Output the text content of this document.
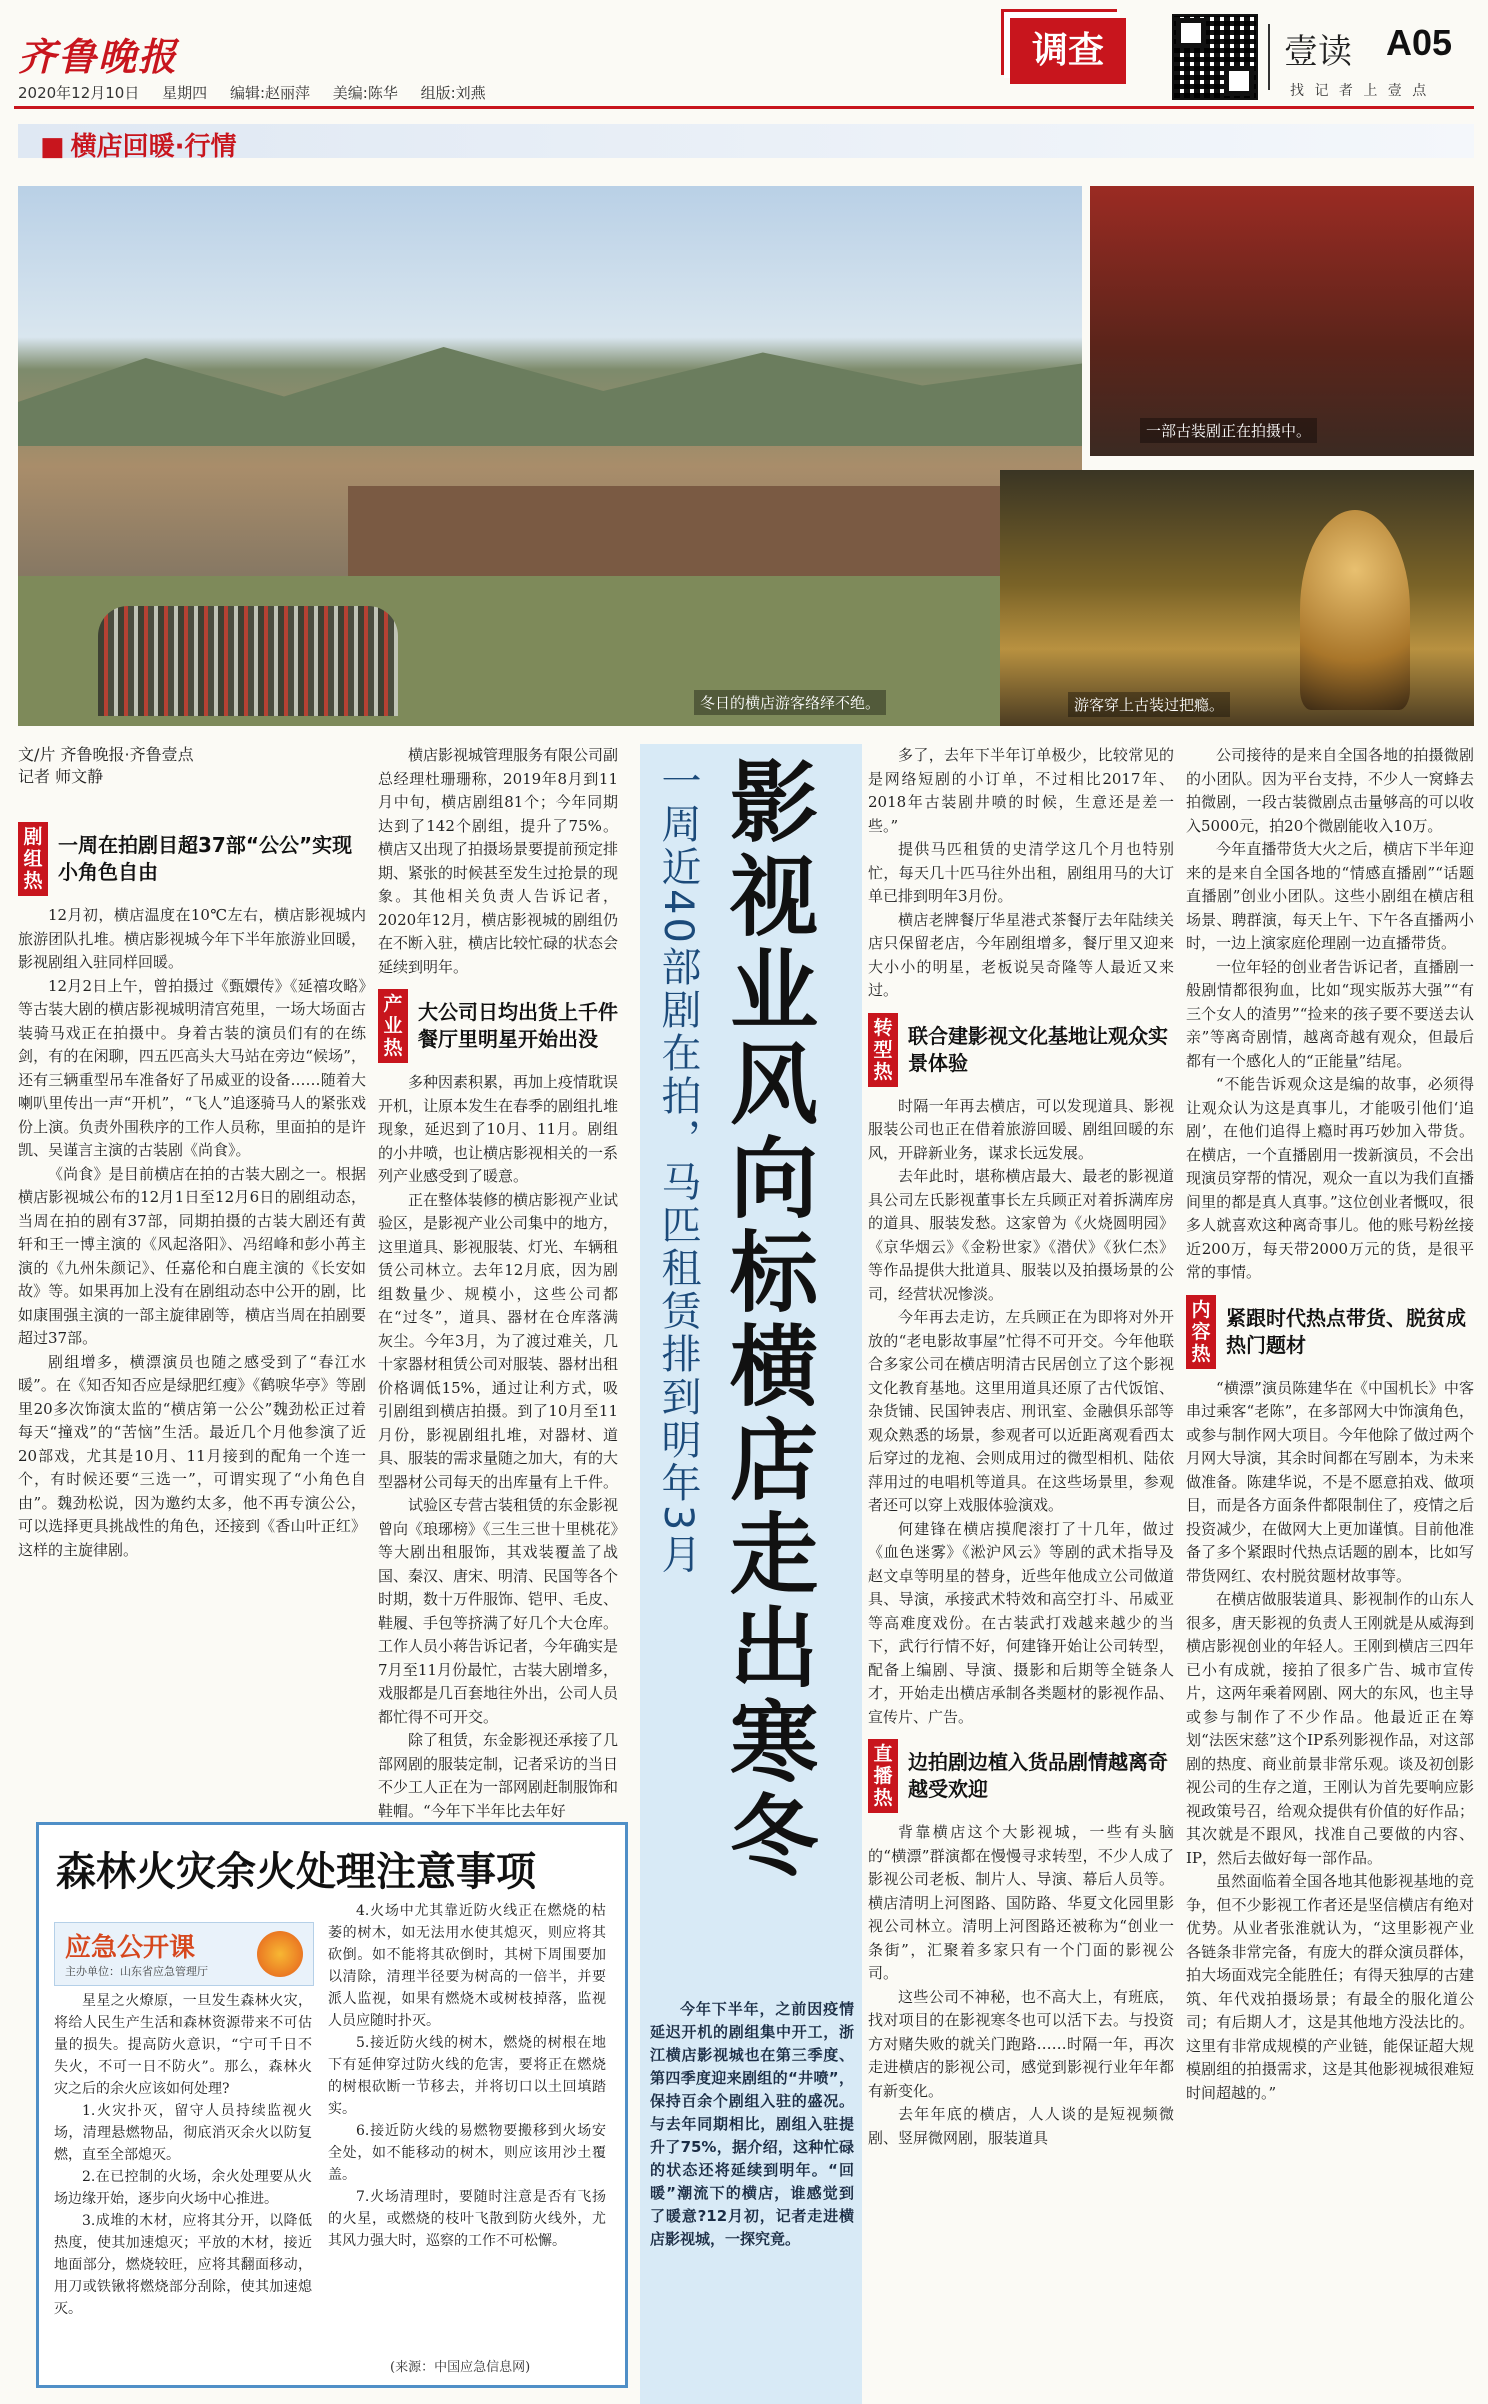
齐鲁晚报
2020年12月10日 星期四 编辑:赵丽萍 美编:陈华 组版:刘燕
调查	壹读 A05
找 记 者 上 壹 点
■ 横店回暖·行情
冬日的横店游客络绎不绝。
一部古装剧正在拍摄中。
游客穿上古装过把瘾。
文/片 齐鲁晚报·齐鲁壹点
记者 师文静
剧组热
一周在拍剧目超37部“公公”实现小角色自由

12月初，横店温度在10℃左右，横店影视城内旅游团队扎堆。横店影视城今年下半年旅游业回暖，影视剧组入驻同样回暖。

12月2日上午，曾拍摄过《甄嬛传》《延禧攻略》等古装大剧的横店影视城明清宫苑里，一场大场面古装骑马戏正在拍摄中。身着古装的演员们有的在练剑，有的在闲聊，四五匹高头大马站在旁边“候场”，还有三辆重型吊车准备好了吊威亚的设备……随着大喇叭里传出一声“开机”，“飞人”追逐骑马人的紧张戏份上演。负责外围秩序的工作人员称，里面拍的是许凯、吴谨言主演的古装剧《尚食》。

《尚食》是目前横店在拍的古装大剧之一。根据横店影视城公布的12月1日至12月6日的剧组动态，当周在拍的剧有37部，同期拍摄的古装大剧还有黄轩和王一博主演的《风起洛阳》、冯绍峰和彭小苒主演的《九州朱颜记》、任嘉伦和白鹿主演的《长安如故》等。如果再加上没有在剧组动态中公开的剧，比如康围强主演的一部主旋律剧等，横店当周在拍剧要超过37部。

剧组增多，横漂演员也随之感受到了“春江水暖”。在《知否知否应是绿肥红瘦》《鹤唳华亭》等剧里20多次饰演太监的“横店第一公公”魏劲松正过着每天“撞戏”的“苦恼”生活。最近几个月他参演了近20部戏，尤其是10月、11月接到的配角一个连一个，有时候还要“三选一”，可谓实现了“小角色自由”。魏劲松说，因为邀约太多，他不再专演公公，可以选择更具挑战性的角色，还接到《香山叶正红》这样的主旋律剧。

横店影视城管理服务有限公司副总经理杜珊珊称，2019年8月到11月中旬，横店剧组81个；今年同期达到了142个剧组，提升了75%。横店又出现了拍摄场景要提前预定排期、紧张的时候甚至发生过抢景的现象。其他相关负责人告诉记者，2020年12月，横店影视城的剧组仍在不断入驻，横店比较忙碌的状态会延续到明年。

产业热
大公司日均出货上千件餐厅里明星开始出没

多种因素积累，再加上疫情耽误开机，让原本发生在春季的剧组扎堆现象，延迟到了10月、11月。剧组的小井喷，也让横店影视相关的一系列产业感受到了暖意。

正在整体装修的横店影视产业试验区，是影视产业公司集中的地方，这里道具、影视服装、灯光、车辆租赁公司林立。去年12月底，因为剧组数量少、规模小，这些公司都在“过冬”，道具、器材在仓库落满灰尘。今年3月，为了渡过难关，几十家器材租赁公司对服装、器材出租价格调低15%，通过让利方式，吸引剧组到横店拍摄。到了10月至11月份，影视剧组扎堆，对器材、道具、服装的需求量随之加大，有的大型器材公司每天的出库量有上千件。

试验区专营古装租赁的东金影视曾向《琅琊榜》《三生三世十里桃花》等大剧出租服饰，其戏装覆盖了战国、秦汉、唐宋、明清、民国等各个时期，数十万件服饰、铠甲、毛皮、鞋履、手包等挤满了好几个大仓库。工作人员小蒋告诉记者，今年确实是7月至11月份最忙，古装大剧增多，戏服都是几百套地往外出，公司人员都忙得不可开交。

除了租赁，东金影视还承接了几部网剧的服装定制，记者采访的当日不少工人正在为一部网剧赶制服饰和鞋帽。“今年下半年比去年好	影视业风向标横店走出寒冬
一周近40部剧在拍，马匹租赁排到明年3月

今年下半年，之前因疫情延迟开机的剧组集中开工，浙江横店影视城也在第三季度、第四季度迎来剧组的“井喷”，保持百余个剧组入驻的盛况。与去年同期相比，剧组入驻提升了75%，据介绍，这种忙碌的状态还将延续到明年。“回暖”潮流下的横店，谁感觉到了暖意?12月初，记者走进横店影视城，一探究竟。

多了，去年下半年订单极少，比较常见的是网络短剧的小订单，不过相比2017年、2018年古装剧井喷的时候，生意还是差一些。”

提供马匹租赁的史清学这几个月也特别忙，每天几十匹马往外出租，剧组用马的大订单已排到明年3月份。

横店老牌餐厅华星港式茶餐厅去年陆续关店只保留老店，今年剧组增多，餐厅里又迎来大小小的明星，老板说吴奇隆等人最近又来过。

转型热
联合建影视文化基地让观众实景体验

时隔一年再去横店，可以发现道具、影视服装公司也正在借着旅游回暖、剧组回暖的东风，开辟新业务，谋求长远发展。

去年此时，堪称横店最大、最老的影视道具公司左氏影视董事长左兵顾正对着拆满库房的道具、服装发愁。这家曾为《火烧圆明园》《京华烟云》《金粉世家》《潜伏》《狄仁杰》等作品提供大批道具、服装以及拍摄场景的公司，经营状况惨淡。

今年再去走访，左兵顾正在为即将对外开放的“老电影故事屋”忙得不可开交。今年他联合多家公司在横店明清古民居创立了这个影视文化教育基地。这里用道具还原了古代饭馆、杂货铺、民国钟表店、刑讯室、金融俱乐部等观众熟悉的场景，参观者可以近距离观看西太后穿过的龙袍、会则成用过的微型相机、陆依萍用过的电唱机等道具。在这些场景里，参观者还可以穿上戏服体验演戏。

何建锋在横店摸爬滚打了十几年，做过《血色迷雾》《淞沪风云》等剧的武术指导及赵文卓等明星的替身，近些年他成立公司做道具、导演，承接武术特效和高空打斗、吊威亚等高难度戏份。在古装武打戏越来越少的当下，武行行情不好，何建锋开始让公司转型，配备上编剧、导演、摄影和后期等全链条人才，开始走出横店承制各类题材的影视作品、宣传片、广告。

直播热
边拍剧边植入货品剧情越离奇越受欢迎

背靠横店这个大影视城，一些有头脑的“横漂”群演都在慢慢寻求转型，不少人成了影视公司老板、制片人、导演、幕后人员等。横店清明上河图路、国防路、华夏文化园里影视公司林立。清明上河图路还被称为“创业一条街”，汇聚着多家只有一个门面的影视公司。

这些公司不神秘，也不高大上，有班底，找对项目的在影视寒冬也可以活下去。与投资方对赌失败的就关门跑路……时隔一年，再次走进横店的影视公司，感觉到影视行业年年都有新变化。

去年年底的横店，人人谈的是短视频微剧、竖屏微网剧，服装道具

公司接待的是来自全国各地的拍摄微剧的小团队。因为平台支持，不少人一窝蜂去拍微剧，一段古装微剧点击量够高的可以收入5000元，拍20个微剧能收入10万。

今年直播带货大火之后，横店下半年迎来的是来自全国各地的“情感直播剧”“话题直播剧”创业小团队。这些小剧组在横店租场景、聘群演，每天上午、下午各直播两小时，一边上演家庭伦理剧一边直播带货。

一位年轻的创业者告诉记者，直播剧一般剧情都很狗血，比如“现实版苏大强”“有三个女人的渣男”“捡来的孩子要不要送去认亲”等离奇剧情，越离奇越有观众，但最后都有一个感化人的“正能量”结尾。

“不能告诉观众这是编的故事，必须得让观众认为这是真事儿，才能吸引他们‘追剧’，在他们追得上瘾时再巧妙加入带货。在横店，一个直播剧用一拨新演员，不会出现演员穿帮的情况，观众一直以为我们直播间里的都是真人真事。”这位创业者慨叹，很多人就喜欢这种离奇事儿。他的账号粉丝接近200万，每天带2000万元的货，是很平常的事情。

内容热
紧跟时代热点带货、脱贫成热门题材

“横漂”演员陈建华在《中国机长》中客串过乘客“老陈”，在多部网大中饰演角色，或参与制作网大项目。今年他除了做过两个月网大导演，其余时间都在写剧本，为未来做准备。陈建华说，不是不愿意拍戏、做项目，而是各方面条件都限制住了，疫情之后投资减少，在做网大上更加谨慎。目前他准备了多个紧跟时代热点话题的剧本，比如写带货网红、农村脱贫题材故事等。

在横店做服装道具、影视制作的山东人很多，唐天影视的负责人王刚就是从威海到横店影视创业的年轻人。王刚到横店三四年已小有成就，接拍了很多广告、城市宣传片，这两年乘着网剧、网大的东风，也主导或参与制作了不少作品。他最近正在筹划“法医宋慈”这个IP系列影视作品，对这部剧的热度、商业前景非常乐观。谈及初创影视公司的生存之道，王刚认为首先要响应影视政策号召，给观众提供有价值的好作品；其次就是不跟风，找准自己要做的内容、IP，然后去做好每一部作品。

虽然面临着全国各地其他影视基地的竞争，但不少影视工作者还是坚信横店有绝对优势。从业者张淮就认为，“这里影视产业各链条非常完备，有庞大的群众演员群体，拍大场面戏完全能胜任；有得天独厚的古建筑、年代戏拍摄场景；有最全的服化道公司；有后期人才，这是其他地方没法比的。这里有非常成规模的产业链，能保证超大规模剧组的拍摄需求，这是其他影视城很难短时间超越的。”

森林火灾余火处理注意事项
应急公开课
主办单位：山东省应急管理厅

星星之火燎原，一旦发生森林火灾，将给人民生产生活和森林资源带来不可估量的损失。提高防火意识，“宁可千日不失火，不可一日不防火”。那么，森林火灾之后的余火应该如何处理?

1.火灾扑灭，留守人员持续监视火场，清理悬燃物品，彻底消灭余火以防复燃，直至全部熄灭。

2.在已控制的火场，余火处理要从火场边缘开始，逐步向火场中心推进。

3.成堆的木材，应将其分开，以降低热度，使其加速熄灭；平放的木材，接近地面部分，燃烧较旺，应将其翻面移动，用刀或铁锹将燃烧部分刮除，使其加速熄灭。

4.火场中尤其靠近防火线正在燃烧的枯萎的树木，如无法用水使其熄灭，则应将其砍倒。如不能将其砍倒时，其树下周围要加以清除，清理半径要为树高的一倍半，并要派人监视，如果有燃烧木或树枝掉落，监视人员应随时扑灭。

5.接近防火线的树木，燃烧的树根在地下有延伸穿过防火线的危害，要将正在燃烧的树根砍断一节移去，并将切口以土回填踏实。

6.接近防火线的易燃物要搬移到火场安全处，如不能移动的树木，则应该用沙土覆盖。

7.火场清理时，要随时注意是否有飞扬的火星，或燃烧的枝叶飞散到防火线外，尤其风力强大时，巡察的工作不可松懈。

(来源：中国应急信息网)
